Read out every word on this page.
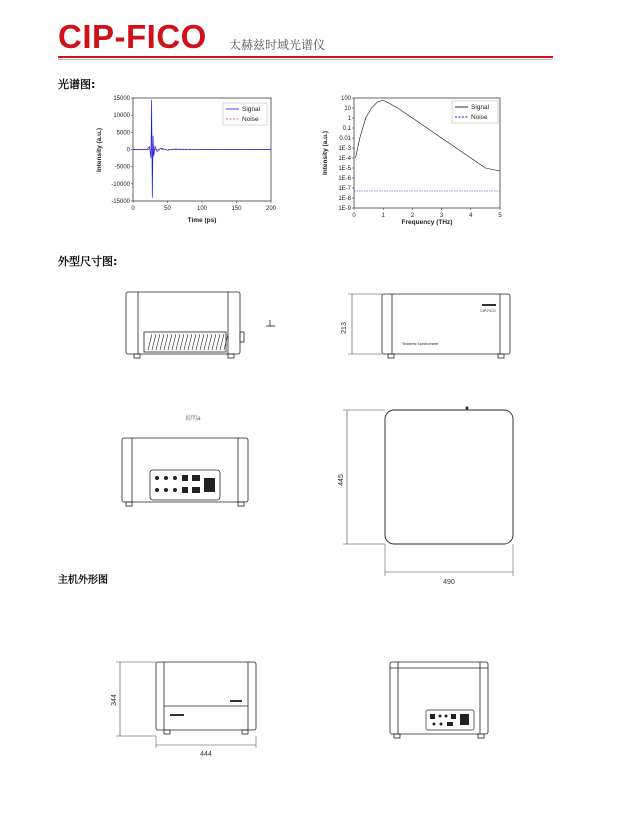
CIP-FICO 太赫兹时域光谱仪
光谱图:
15000
10000
5000
0
-5000
-10000
-15000
0	50	100	150	200
Signal
Noise
Time (ps)
Intensity (a.u.)
100
10
1
0.1
0.01
1E-3
1E-4
1E-5
1E-6
1E-7
1E-8
1E-9
0	1	2	3	4	5
Signal
Noise
Frequency (THz)
Intensity (a.u.)
外型尺寸图:
213
CIP-FICO
Terahertz Spectrometer
说明a
445
490
主机外形图
344
444
